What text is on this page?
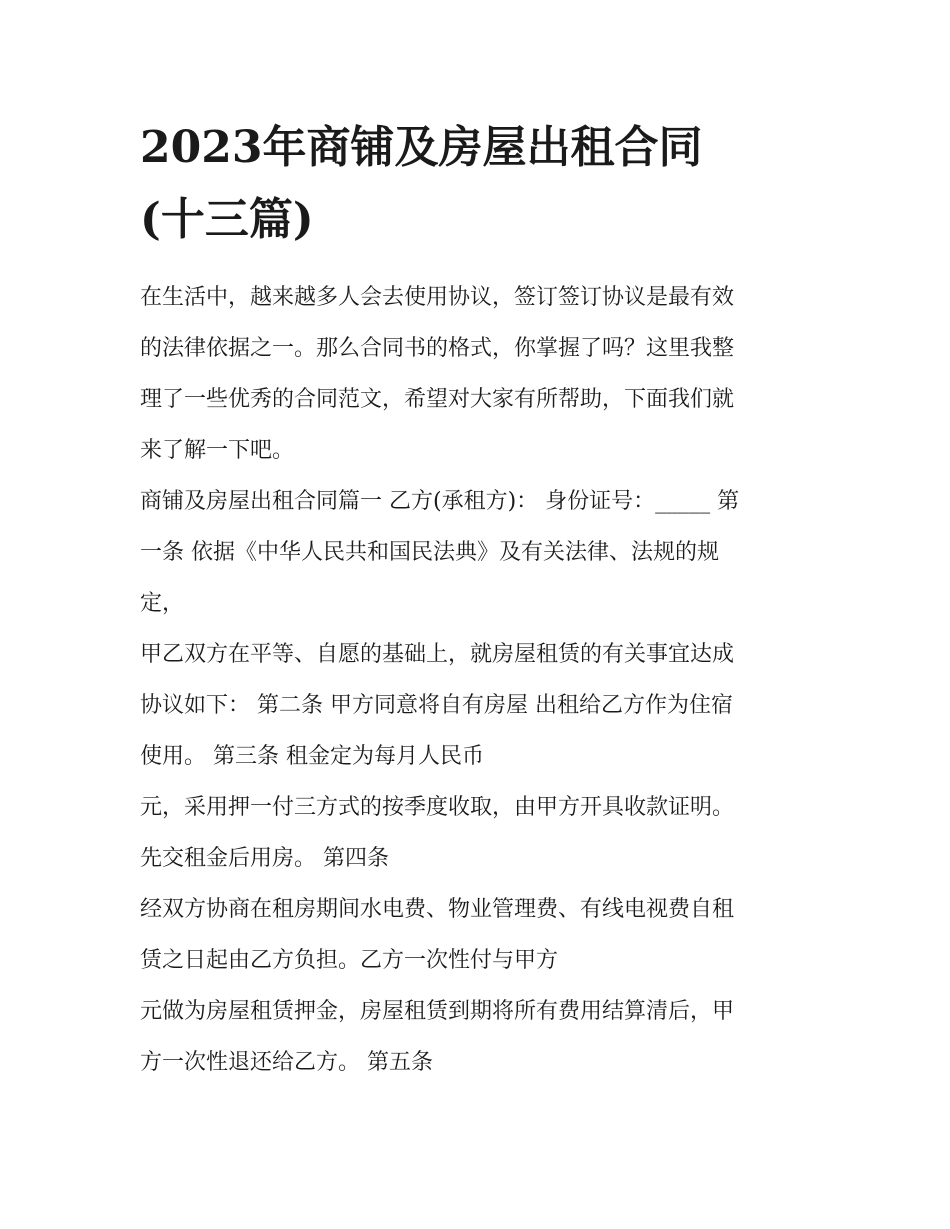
2023年商铺及房屋出租合同
(十三篇)
在生活中，越来越多人会去使用协议，签订签订协议是最有效
的法律依据之一。那么合同书的格式，你掌握了吗？这里我整
理了一些优秀的合同范文，希望对大家有所帮助，下面我们就
来了解一下吧。
商铺及房屋出租合同篇一 乙方(承租方)： 身份证号：_____ 第
一条 依据《中华人民共和国民法典》及有关法律、法规的规
定，
甲乙双方在平等、自愿的基础上，就房屋租赁的有关事宜达成
协议如下： 第二条 甲方同意将自有房屋 出租给乙方作为住宿
使用。 第三条 租金定为每月人民币
元，采用押一付三方式的按季度收取，由甲方开具收款证明。
先交租金后用房。 第四条
经双方协商在租房期间水电费、物业管理费、有线电视费自租
赁之日起由乙方负担。乙方一次性付与甲方
元做为房屋租赁押金，房屋租赁到期将所有费用结算清后，甲
方一次性退还给乙方。 第五条
